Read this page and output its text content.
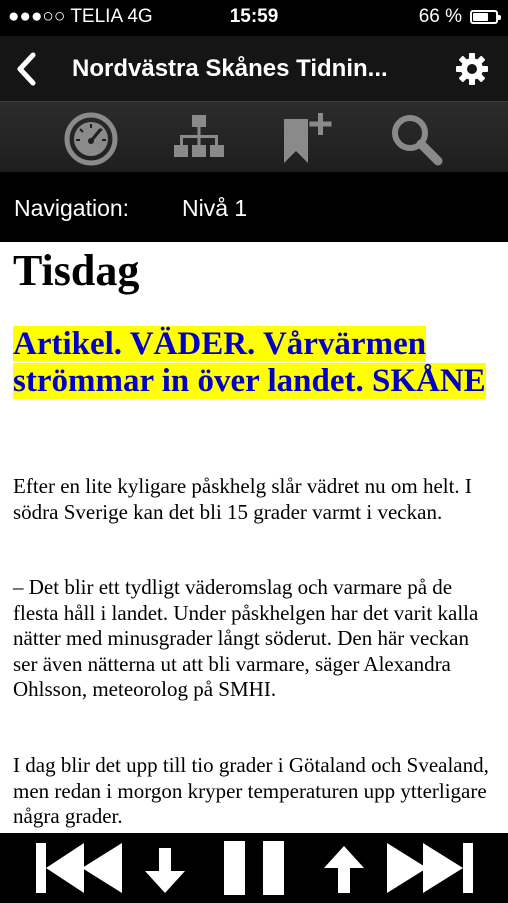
●●●○○ TELIA 4G	15:59	66 %
Nordvästra Skånes Tidnin...
Navigation: Nivå 1
Tisdag
Artikel. VÄDER. Vårvärmen strömmar in över landet. SKÅNE

Efter en lite kyligare påskhelg slår vädret nu om helt. I södra Sverige kan det bli 15 grader varmt i veckan.

– Det blir ett tydligt väderomslag och varmare på de flesta håll i landet. Under påskhelgen har det varit kalla nätter med minusgrader långt söderut. Den här veckan ser även nätterna ut att bli varmare, säger Alexandra Ohlsson, meteorolog på SMHI.

I dag blir det upp till tio grader i Götaland och Svealand, men redan i morgon kryper temperaturen upp ytterligare några grader.
